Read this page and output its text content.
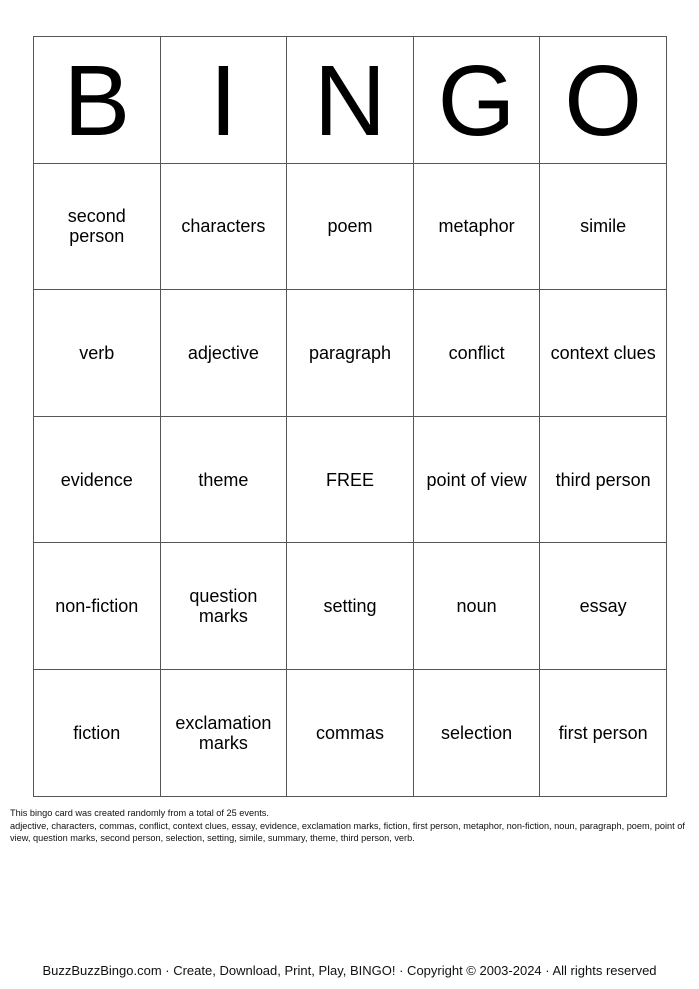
B	I	N	G	O
second person	characters	poem	metaphor	simile
verb	adjective	paragraph	conflict	context clues
evidence	theme	FREE	point of view	third person
non-fiction	question marks	setting	noun	essay
fiction	exclamation marks	commas	selection	first person
This bingo card was created randomly from a total of 25 events.
adjective, characters, commas, conflict, context clues, essay, evidence, exclamation marks, fiction, first person, metaphor, non-fiction, noun, paragraph, poem, point of view, question marks, second person, selection, setting, simile, summary, theme, third person, verb.
BuzzBuzzBingo.com · Create, Download, Print, Play, BINGO! · Copyright © 2003-2024 · All rights reserved
